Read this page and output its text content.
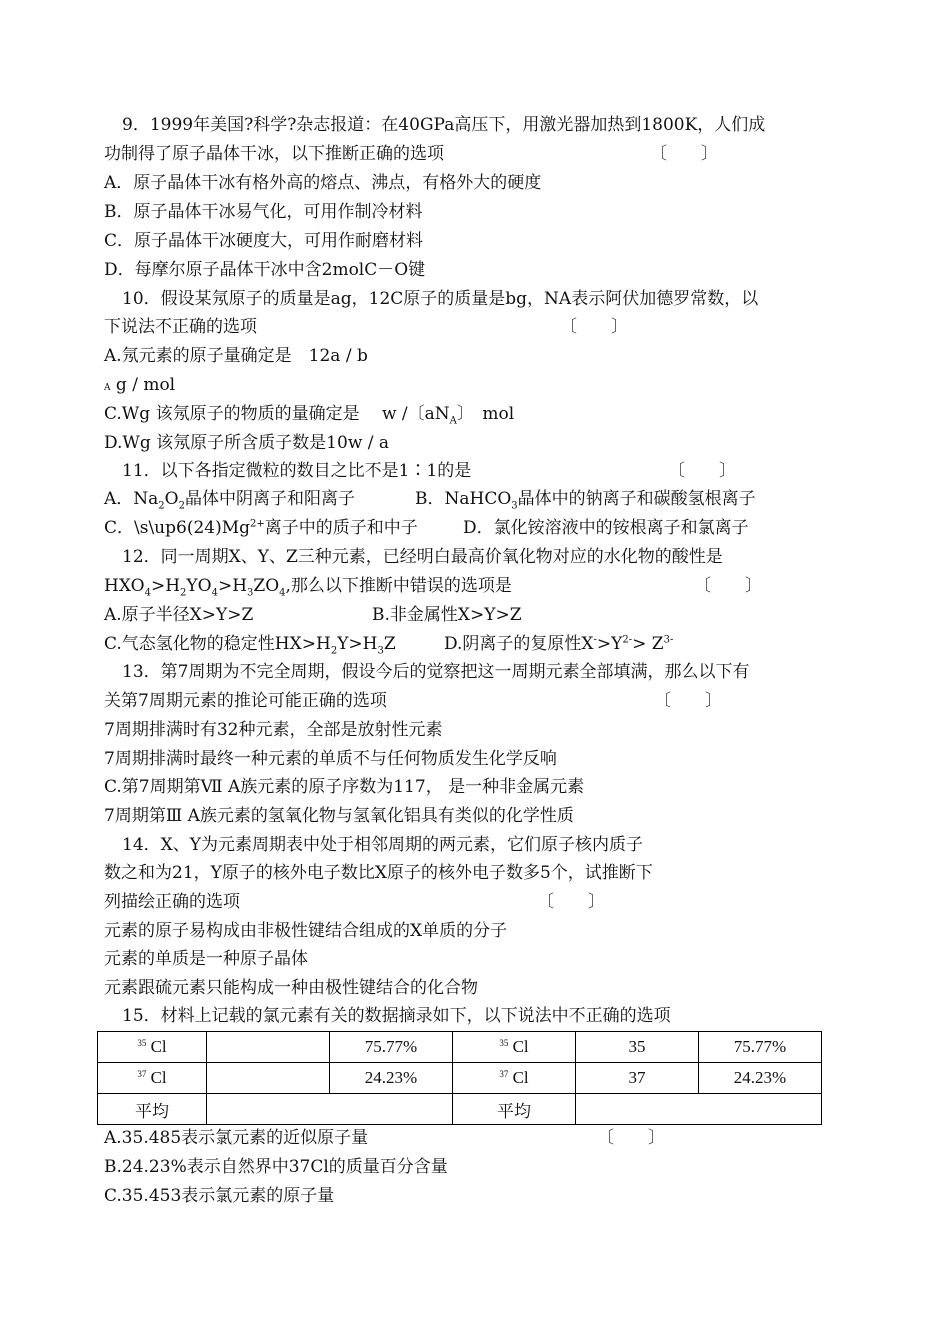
9．1999年美国?科学?杂志报道：在40GPa高压下，用激光器加热到1800K，人们成
功制得了原子晶体干冰，以下推断正确的选项	〔　　〕
A．原子晶体干冰有格外高的熔点、沸点，有格外大的硬度
B．原子晶体干冰易气化，可用作制冷材料
C．原子晶体干冰硬度大，可用作耐磨材料
D．每摩尔原子晶体干冰中含2molC－O键
10．假设某氖原子的质量是ag，12C原子的质量是bg，NA表示阿伏加德罗常数，以
下说法不正确的选项	〔　　〕
A.氖元素的原子量确定是　12a / b
A g / mol
C.Wg 该氖原子的物质的量确定是　 w /〔$aN_A$〕　mol
D.Wg 该氖原子所含质子数是10w / a
11．以下各指定微粒的数目之比不是1∶1的是	〔　　〕
A．$Na_2O_2$晶体中阴离子和阳离子	B．NaHCO$_3$晶体中的钠离子和碳酸氢根离子
C．$\backslash s\backslash up6(24)Mg^{2+}$离子中的质子和中子	D．氯化铵溶液中的铵根离子和氯离子
12．同一周期X、Y、Z三种元素，已经明白最高价氧化物对应的水化物的酸性是
$HXO_4>H_2YO_4>H_3ZO_4$,那么以下推断中错误的选项是	〔　　〕
A.原子半径X>Y>Z	B.非金属性X>Y>Z
C.气态氢化物的稳定性$HX>H_2Y>H_3Z$	D.阴离子的复原性$X^->Y^{2-}> Z^{3-}$
13．第7周期为不完全周期，假设今后的觉察把这一周期元素全部填满，那么以下有
关第7周期元素的推论可能正确的选项	〔　　〕
7周期排满时有32种元素，全部是放射性元素
7周期排满时最终一种元素的单质不与任何物质发生化学反响
C.第7周期第Ⅶ A族元素的原子序数为117， 是一种非金属元素
7周期第Ⅲ A族元素的氢氧化物与氢氧化铝具有类似的化学性质
14．X、Y为元素周期表中处于相邻周期的两元素，它们原子核内质子
数之和为21，Y原子的核外电子数比X原子的核外电子数多5个，试推断下
列描绘正确的选项	〔　　〕
元素的原子易构成由非极性键结合组成的X单质的分子
元素的单质是一种原子晶体
元素跟硫元素只能构成一种由极性键结合的化合物
15．材料上记载的氯元素有关的数据摘录如下，以下说法中不正确的选项
$^{35}$ Cl		75.77%	$^{35}$ Cl	35	75.77%
$^{37}$ Cl		24.23%	$^{37}$ Cl	37	24.23%
平均			平均		
A.35.485表示氯元素的近似原子量	〔　　〕
B.24.23%表示自然界中37Cl的质量百分含量
C.35.453表示氯元素的原子量
